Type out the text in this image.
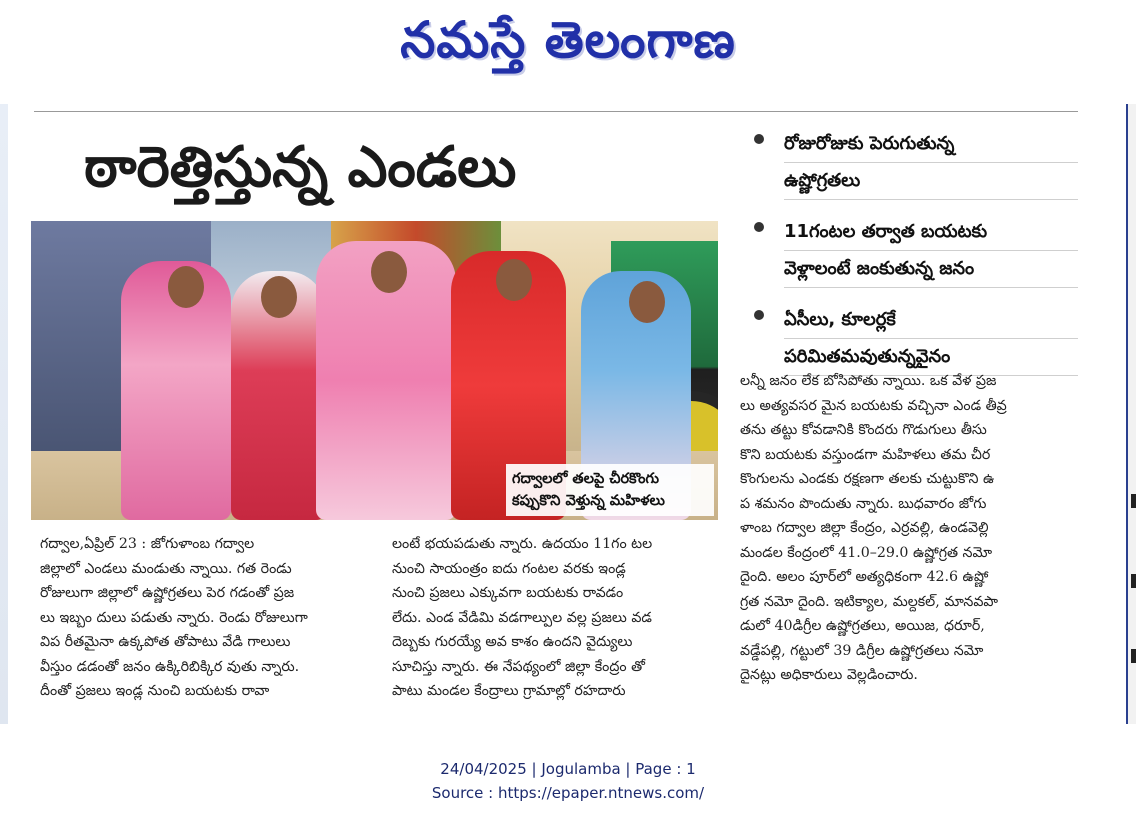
నమస్తే తెలంగాణ
ఠారెత్తిస్తున్న ఎండలు
గద్వాలలో తలపై చీరకొంగు
కప్పుకొని వెళ్తున్న మహిళలు
రోజురోజుకు పెరుగుతున్న
ఉష్ణోగ్రతలు
11గంటల తర్వాత బయటకు
వెళ్లాలంటే జంకుతున్న జనం
ఏసీలు, కూలర్లకే
పరిమితమవుతున్నవైనం
గద్వాల,ఏప్రిల్ 23 : జోగుళాంబ గద్వాల
జిల్లాలో ఎండలు మండుతు న్నాయి. గత రెండు
రోజులుగా జిల్లాలో ఉష్ణోగ్రతలు పెర గడంతో ప్రజ
లు ఇబ్బం దులు పడుతు న్నారు. రెండు రోజులుగా
విప రీతమైనా ఉక్కపోత తోపాటు వేడి గాలులు
వీస్తుం డడంతో జనం ఉక్కిరిబిక్కిర వుతు న్నారు.
దీంతో ప్రజలు ఇండ్ల నుంచి బయటకు రావా
లంటే భయపడుతు న్నారు. ఉదయం 11గం టల
నుంచి సాయంత్రం ఐదు గంటల వరకు ఇండ్ల
నుంచి ప్రజలు ఎక్కువగా బయటకు రావడం
లేదు. ఎండ వేడిమి వడగాల్పుల వల్ల ప్రజలు వడ
దెబ్బకు గురయ్యే అవ కాశం ఉందని వైద్యులు
సూచిస్తు న్నారు. ఈ నేపథ్యంలో జిల్లా కేంద్రం తో
పాటు మండల కేంద్రాలు గ్రామాల్లో రహదారు
లన్నీ జనం లేక బోసిపోతు న్నాయి. ఒక వేళ ప్రజ
లు అత్యవసర మైన బయటకు వచ్చినా ఎండ తీవ్ర
తను తట్టు కోవడానికి కొందరు గొడుగులు తీసు
కొని బయటకు వస్తుండగా మహిళలు తమ చీర
కొంగులను ఎండకు రక్షణగా తలకు చుట్టుకొని ఉ
ప శమనం పొందుతు న్నారు. బుధవారం జోగు
ళాంబ గద్వాల జిల్లా కేంద్రం, ఎర్రవల్లి, ఉండవెల్లి
మండల కేంద్రంలో 41.0–29.0 ఉష్ణోగ్రత నమో
దైంది. అలం పూర్‌లో అత్యధికంగా 42.6 ఉష్ణో
గ్రత నమో దైంది. ఇటిక్యాల, మల్దకల్, మానవపా
డులో 40డిగ్రీల ఉష్ణోగ్రతలు, అయిజ, ధరూర్,
వడ్డేపల్లి, గట్టులో 39 డిగ్రీల ఉష్ణోగ్రతలు నమో
దైనట్లు అధికారులు వెల్లడించారు.
24/04/2025 | Jogulamba | Page : 1
Source : https://epaper.ntnews.com/
